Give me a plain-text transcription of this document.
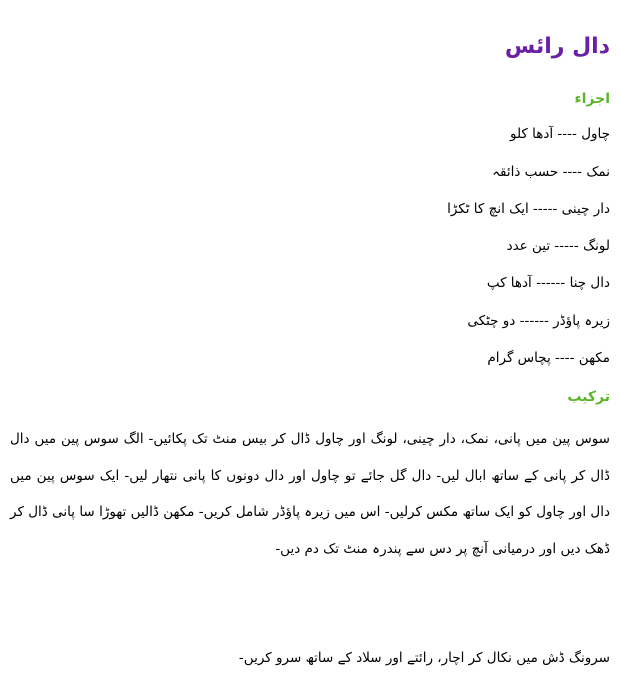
دال رائس
اجزاء

چاول ---- آدھا کلو

نمک ---- حسب ذائقہ

دار چینی ----- ایک انچ کا ٹکڑا

لونگ ----- تین عدد

دال چنا ------ آدھا کپ

زیرہ پاؤڈر ------ دو چٹکی

مکھن ---- پچاس گرام

ترکیب

سوس پین میں پانی، نمک، دار چینی، لونگ اور چاول ڈال کر بیس منٹ تک پکائیں- الگ سوس پین میں دال ڈال کر پانی کے ساتھ ابال لیں- دال گل جائے تو چاول اور دال دونوں کا پانی نتھار لیں- ایک سوس پین میں دال اور چاول کو ایک ساتھ مکس کرلیں- اس میں زیرہ پاؤڈر شامل کریں- مکھن ڈالیں تھوڑا سا پانی ڈال کر ڈھک دیں اور درمیانی آنچ پر دس سے پندرہ منٹ تک دم دیں-

سرونگ ڈش میں نکال کر اچار، رائتے اور سلاد کے ساتھ سرو کریں-
